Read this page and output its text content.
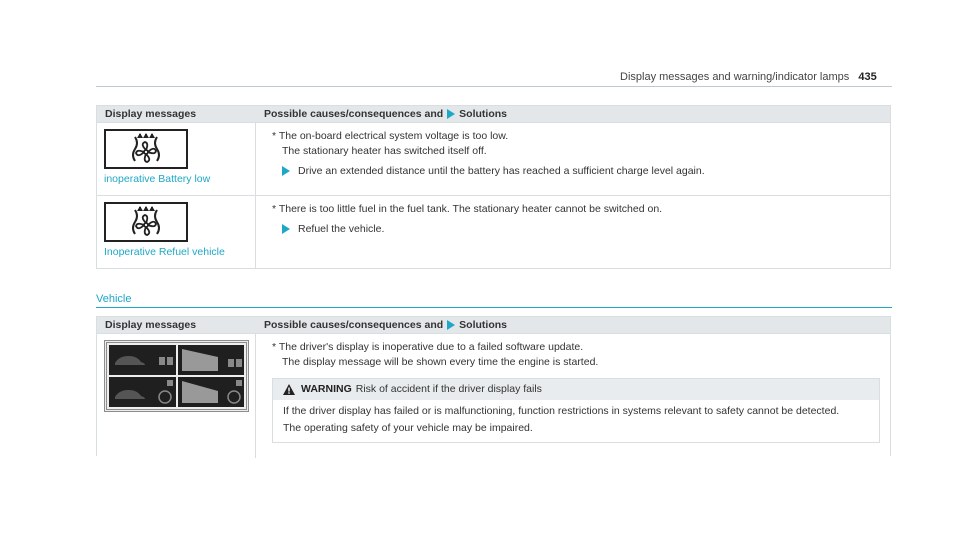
Display messages and warning/indicator lamps 435
Display messages	Possible causes/consequences and Solutions
inoperative Battery low
* The on-board electrical system voltage is too low.
The stationary heater has switched itself off.
Drive an extended distance until the battery has reached a sufficient charge level again.
Inoperative Refuel vehicle
* There is too little fuel in the fuel tank. The stationary heater cannot be switched on.
Refuel the vehicle.
Vehicle
Display messages	Possible causes/consequences and Solutions
* The driver's display is inoperative due to a failed software update.
The display message will be shown every time the engine is started.
WARNING Risk of accident if the driver display fails

If the driver display has failed or is malfunctioning, function restrictions in systems relevant to safety cannot be detected.

The operating safety of your vehicle may be impaired.
